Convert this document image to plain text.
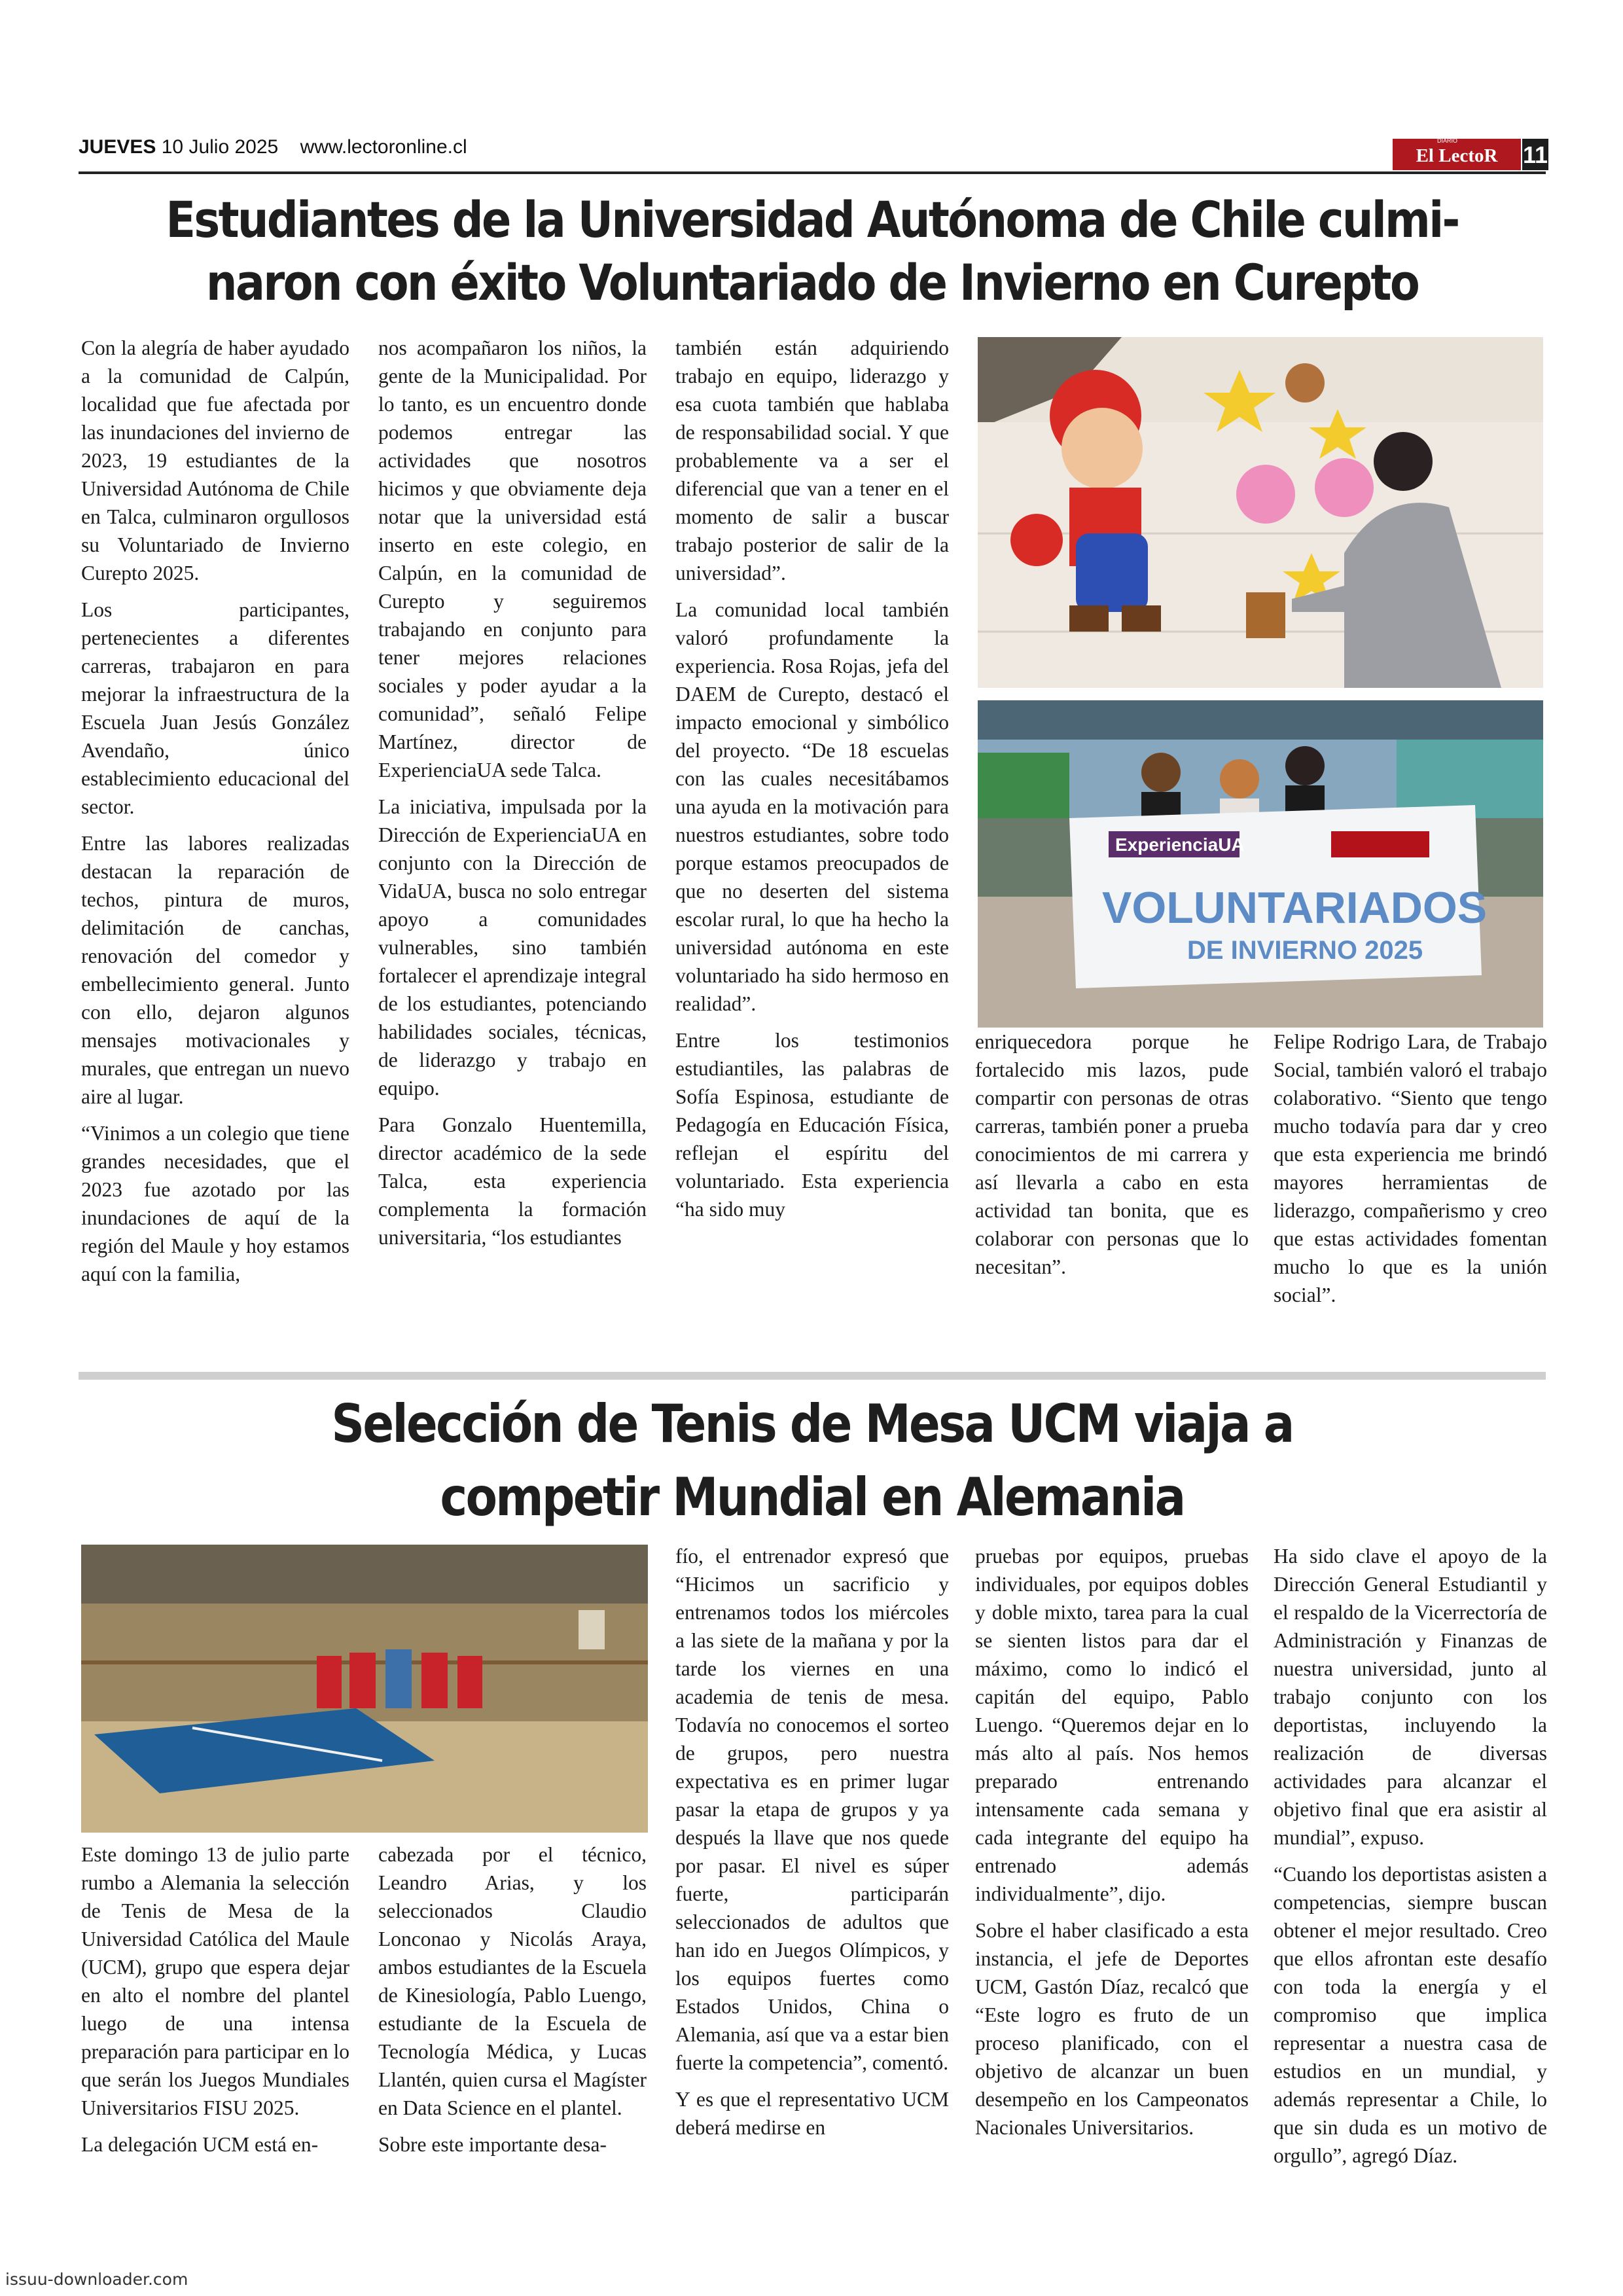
JUEVES 10 Julio 2025 www.lectoronline.cl	El LectoR
DIARIO
11
Estudiantes de la Universidad Autónoma de Chile culmi-
naron con éxito Voluntariado de Invierno en Curepto

Con la alegría de haber ayudado a la comunidad de Calpún, localidad que fue afectada por las inundaciones del invierno de 2023, 19 estudiantes de la Universidad Autónoma de Chile en Talca, culminaron orgullosos su Voluntariado de Invierno Curepto 2025.

Los participantes, pertenecientes a diferentes carreras, trabajaron en para mejorar la infraestructura de la Escuela Juan Jesús González Avendaño, único establecimiento educacional del sector.

Entre las labores realizadas destacan la reparación de techos, pintura de muros, delimitación de canchas, renovación del comedor y embellecimiento general. Junto con ello, dejaron algunos mensajes motivacionales y murales, que entregan un nuevo aire al lugar.

“Vinimos a un colegio que tiene grandes necesidades, que el 2023 fue azotado por las inundaciones de aquí de la región del Maule y hoy estamos aquí con la familia,

nos acompañaron los niños, la gente de la Municipalidad. Por lo tanto, es un encuentro donde podemos entregar las actividades que nosotros hicimos y que obviamente deja notar que la universidad está inserto en este colegio, en Calpún, en la comunidad de Curepto y seguiremos trabajando en conjunto para tener mejores relaciones sociales y poder ayudar a la comunidad”, señaló Felipe Martínez, director de ExperienciaUA sede Talca.

La iniciativa, impulsada por la Dirección de ExperienciaUA en conjunto con la Dirección de VidaUA, busca no solo entregar apoyo a comunidades vulnerables, sino también fortalecer el aprendizaje integral de los estudiantes, potenciando habilidades sociales, técnicas, de liderazgo y trabajo en equipo.

Para Gonzalo Huentemilla, director académico de la sede Talca, esta experiencia complementa la formación universitaria, “los estudiantes

también están adquiriendo trabajo en equipo, liderazgo y esa cuota también que hablaba de responsabilidad social. Y que probablemente va a ser el diferencial que van a tener en el momento de salir a buscar trabajo posterior de salir de la universidad”.

La comunidad local también valoró profundamente la experiencia. Rosa Rojas, jefa del DAEM de Curepto, destacó el impacto emocional y simbólico del proyecto. “De 18 escuelas con las cuales necesitábamos una ayuda en la motivación para nuestros estudiantes, sobre todo porque estamos preocupados de que no deserten del sistema escolar rural, lo que ha hecho la universidad autónoma en este voluntariado ha sido hermoso en realidad”.

Entre los testimonios estudiantiles, las palabras de Sofía Espinosa, estudiante de Pedagogía en Educación Física, reflejan el espíritu del voluntariado. Esta experiencia “ha sido muy

enriquecedora porque he fortalecido mis lazos, pude compartir con personas de otras carreras, también poner a prueba conocimientos de mi carrera y así llevarla a cabo en esta actividad tan bonita, que es colaborar con personas que lo necesitan”.

Felipe Rodrigo Lara, de Trabajo Social, también valoró el trabajo colaborativo. “Siento que tengo mucho todavía para dar y creo que esta experiencia me brindó mayores herramientas de liderazgo, compañerismo y creo que estas actividades fomentan mucho lo que es la unión social”.

ExperienciaUA
VOLUNTARIADOS
DE INVIERNO 2025
Selección de Tenis de Mesa UCM viaja a
competir Mundial en Alemania

Este domingo 13 de julio parte rumbo a Alemania la selección de Tenis de Mesa de la Universidad Católica del Maule (UCM), grupo que espera dejar en alto el nombre del plantel luego de una intensa preparación para participar en lo que serán los Juegos Mundiales Universitarios FISU 2025.

La delegación UCM está en-

cabezada por el técnico, Leandro Arias, y los seleccionados Claudio Lonconao y Nicolás Araya, ambos estudiantes de la Escuela de Kinesiología, Pablo Luengo, estudiante de la Escuela de Tecnología Médica, y Lucas Llantén, quien cursa el Magíster en Data Science en el plantel.

Sobre este importante desa-

fío, el entrenador expresó que “Hicimos un sacrificio y entrenamos todos los miércoles a las siete de la mañana y por la tarde los viernes en una academia de tenis de mesa. Todavía no conocemos el sorteo de grupos, pero nuestra expectativa es en primer lugar pasar la etapa de grupos y ya después la llave que nos quede por pasar. El nivel es súper fuerte, participarán seleccionados de adultos que han ido en Juegos Olímpicos, y los equipos fuertes como Estados Unidos, China o Alemania, así que va a estar bien fuerte la competencia”, comentó.

Y es que el representativo UCM deberá medirse en

pruebas por equipos, pruebas individuales, por equipos dobles y doble mixto, tarea para la cual se sienten listos para dar el máximo, como lo indicó el capitán del equipo, Pablo Luengo. “Queremos dejar en lo más alto al país. Nos hemos preparado entrenando intensamente cada semana y cada integrante del equipo ha entrenado además individualmente”, dijo.

Sobre el haber clasificado a esta instancia, el jefe de Deportes UCM, Gastón Díaz, recalcó que “Este logro es fruto de un proceso planificado, con el objetivo de alcanzar un buen desempeño en los Campeonatos Nacionales Universitarios.

Ha sido clave el apoyo de la Dirección General Estudiantil y el respaldo de la Vicerrectoría de Administración y Finanzas de nuestra universidad, junto al trabajo conjunto con los deportistas, incluyendo la realización de diversas actividades para alcanzar el objetivo final que era asistir al mundial”, expuso.

“Cuando los deportistas asisten a competencias, siempre buscan obtener el mejor resultado. Creo que ellos afrontan este desafío con toda la energía y el compromiso que implica representar a nuestra casa de estudios en un mundial, y además representar a Chile, lo que sin duda es un motivo de orgullo”, agregó Díaz.

issuu-downloader.com
